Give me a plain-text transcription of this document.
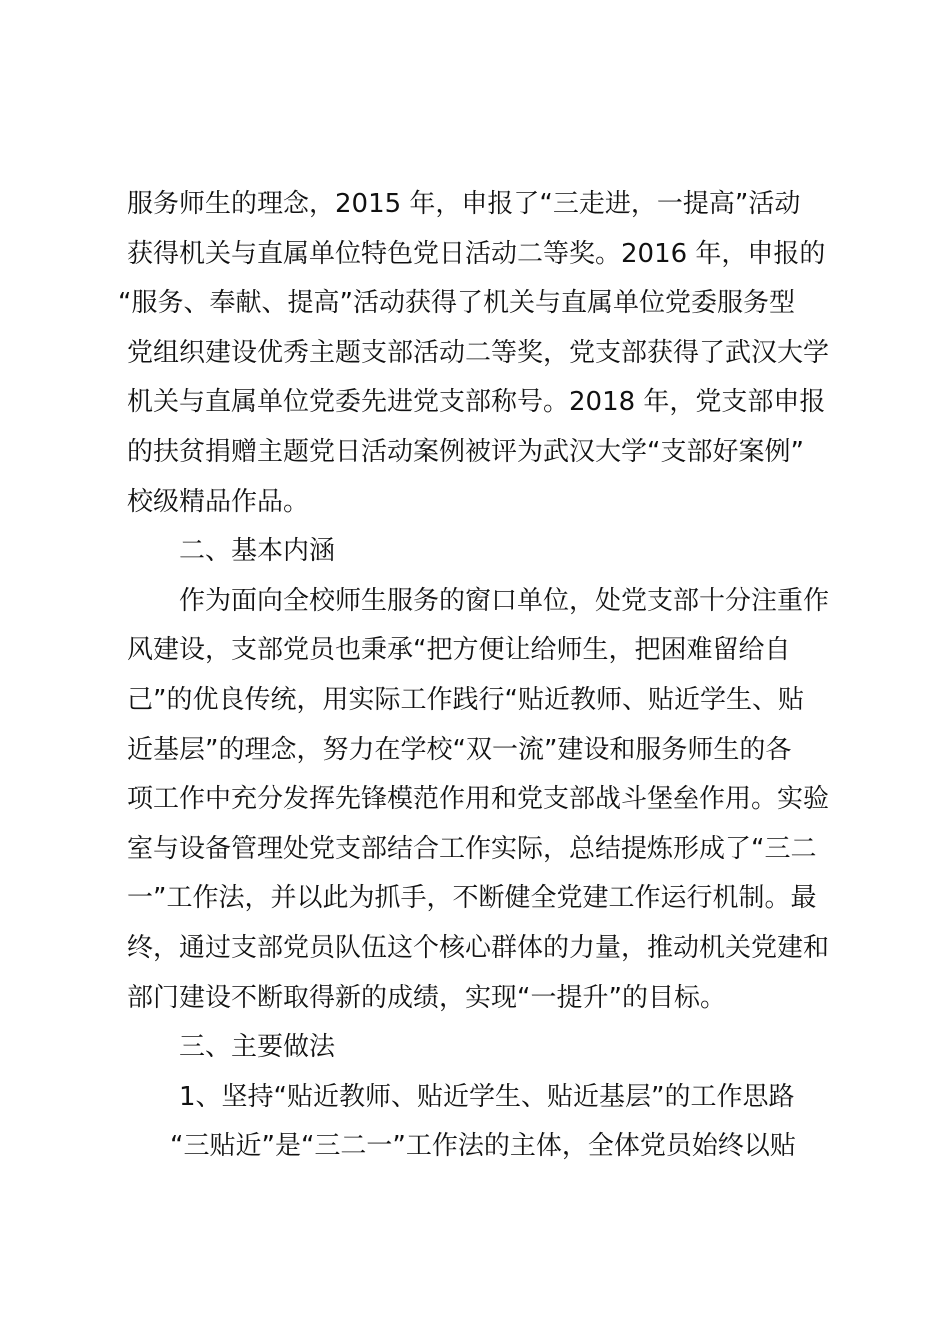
服务师生的理念，2015 年，申报了“三走进，一提高”活动
获得机关与直属单位特色党日活动二等奖。2016 年，申报的
“服务、奉献、提高”活动获得了机关与直属单位党委服务型
党组织建设优秀主题支部活动二等奖，党支部获得了武汉大学
机关与直属单位党委先进党支部称号。2018 年，党支部申报
的扶贫捐赠主题党日活动案例被评为武汉大学“支部好案例”
校级精品作品。
二、基本内涵
作为面向全校师生服务的窗口单位，处党支部十分注重作
风建设，支部党员也秉承“把方便让给师生，把困难留给自
己”的优良传统，用实际工作践行“贴近教师、贴近学生、贴
近基层”的理念，努力在学校“双一流”建设和服务师生的各
项工作中充分发挥先锋模范作用和党支部战斗堡垒作用。实验
室与设备管理处党支部结合工作实际，总结提炼形成了“三二
一”工作法，并以此为抓手，不断健全党建工作运行机制。最
终，通过支部党员队伍这个核心群体的力量，推动机关党建和
部门建设不断取得新的成绩，实现“一提升”的目标。
三、主要做法
1、坚持“贴近教师、贴近学生、贴近基层”的工作思路
“三贴近”是“三二一”工作法的主体，全体党员始终以贴
